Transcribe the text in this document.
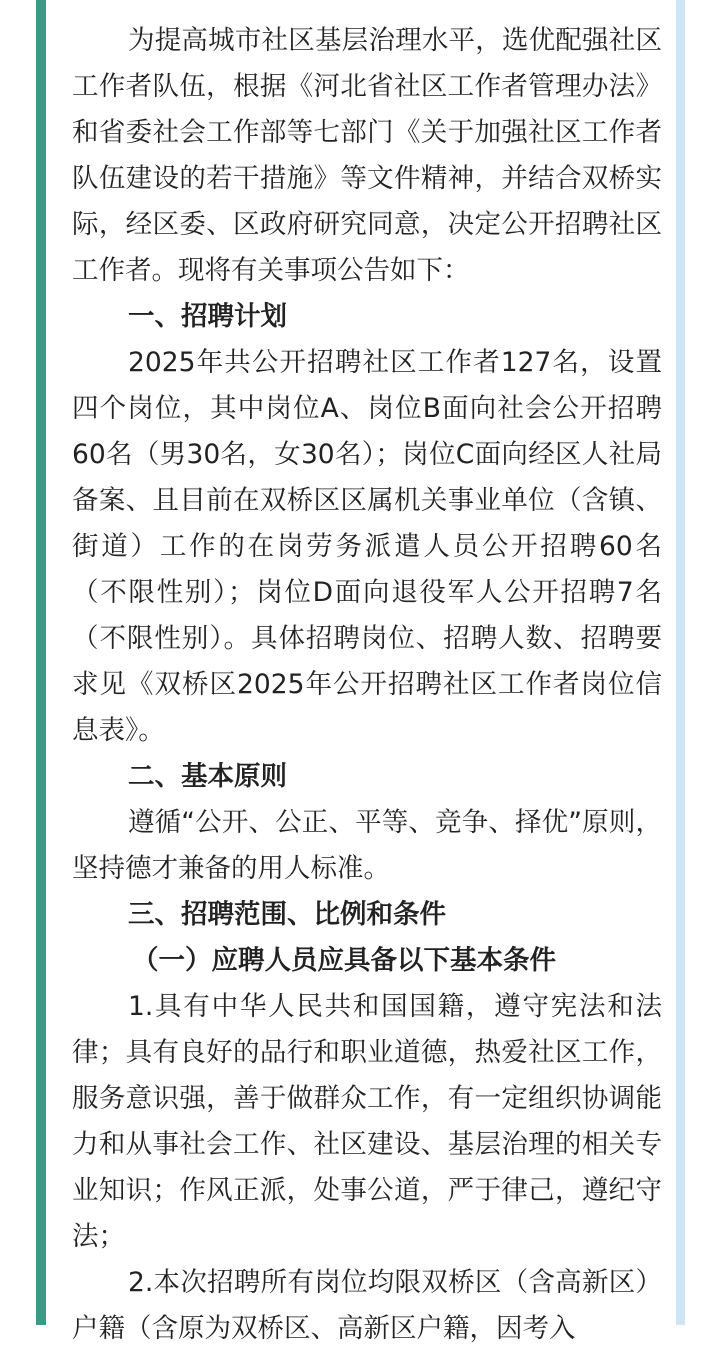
为提高城市社区基层治理水平，选优配强社区工作者队伍，根据《河北省社区工作者管理办法》和省委社会工作部等七部门《关于加强社区工作者队伍建设的若干措施》等文件精神，并结合双桥实际，经区委、区政府研究同意，决定公开招聘社区工作者。现将有关事项公告如下：

一、招聘计划

2025年共公开招聘社区工作者127名，设置四个岗位，其中岗位A、岗位B面向社会公开招聘60名（男30名，女30名）；岗位C面向经区人社局备案、且目前在双桥区区属机关事业单位（含镇、街道）工作的在岗劳务派遣人员公开招聘60名（不限性别）；岗位D面向退役军人公开招聘7名（不限性别）。具体招聘岗位、招聘人数、招聘要求见《双桥区2025年公开招聘社区工作者岗位信息表》。

二、基本原则

遵循“公开、公正、平等、竞争、择优”原则，坚持德才兼备的用人标准。

三、招聘范围、比例和条件

（一）应聘人员应具备以下基本条件

1.具有中华人民共和国国籍，遵守宪法和法律；具有良好的品行和职业道德，热爱社区工作，服务意识强，善于做群众工作，有一定组织协调能力和从事社会工作、社区建设、基层治理的相关专业知识；作风正派，处事公道，严于律己，遵纪守法；

2.本次招聘所有岗位均限双桥区（含高新区）户籍（含原为双桥区、高新区户籍，因考入
